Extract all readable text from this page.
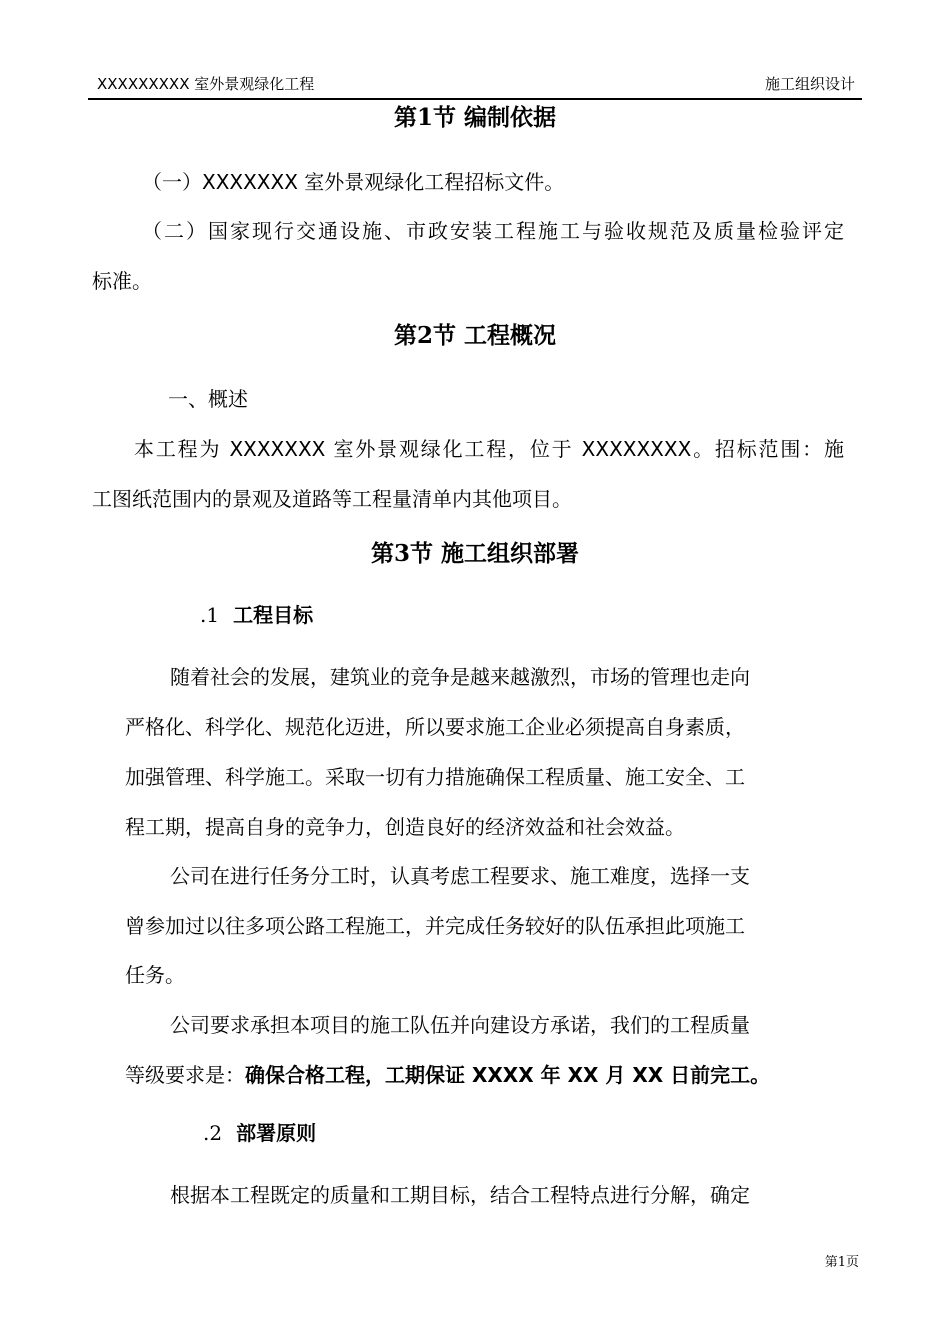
XXXXXXXXX 室外景观绿化工程	施工组织设计
第1节 编制依据
（一）XXXXXXX 室外景观绿化工程招标文件。
（二）国家现行交通设施、市政安装工程施工与验收规范及质量检验评定
标准。
第2节 工程概况
一、概述
本工程为 XXXXXXX 室外景观绿化工程，位于 XXXXXXXX。招标范围：施
工图纸范围内的景观及道路等工程量清单内其他项目。
第3节 施工组织部署
.1 工程目标
随着社会的发展，建筑业的竞争是越来越激烈，市场的管理也走向
严格化、科学化、规范化迈进，所以要求施工企业必须提高自身素质，
加强管理、科学施工。采取一切有力措施确保工程质量、施工安全、工
程工期，提高自身的竞争力，创造良好的经济效益和社会效益。
公司在进行任务分工时，认真考虑工程要求、施工难度，选择一支
曾参加过以往多项公路工程施工，并完成任务较好的队伍承担此项施工
任务。
公司要求承担本项目的施工队伍并向建设方承诺，我们的工程质量
等级要求是：确保合格工程，工期保证 XXXX 年 XX 月 XX 日前完工。
.2 部署原则
根据本工程既定的质量和工期目标，结合工程特点进行分解，确定
第1页
